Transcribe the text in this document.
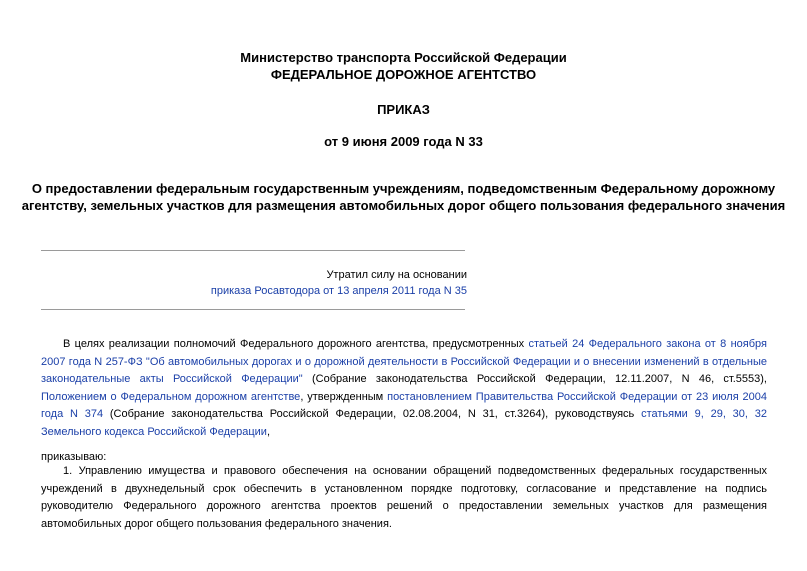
Министерство транспорта Российской Федерации
ФЕДЕРАЛЬНОЕ ДОРОЖНОЕ АГЕНТСТВО
ПРИКАЗ
от 9 июня 2009 года N 33
О предоставлении федеральным государственным учреждениям, подведомственным Федеральному дорожному агентству, земельных участков для размещения автомобильных дорог общего пользования федерального значения
Утратил силу на основании
приказа Росавтодора от 13 апреля 2011 года N 35
В целях реализации полномочий Федерального дорожного агентства, предусмотренных статьей 24 Федерального закона от 8 ноября 2007 года N 257-ФЗ "Об автомобильных дорогах и о дорожной деятельности в Российской Федерации и о внесении изменений в отдельные законодательные акты Российской Федерации" (Собрание законодательства Российской Федерации, 12.11.2007, N 46, ст.5553), Положением о Федеральном дорожном агентстве, утвержденным постановлением Правительства Российской Федерации от 23 июля 2004 года N 374 (Собрание законодательства Российской Федерации, 02.08.2004, N 31, ст.3264), руководствуясь статьями 9, 29, 30, 32 Земельного кодекса Российской Федерации,
приказываю:
1. Управлению имущества и правового обеспечения на основании обращений подведомственных федеральных государственных учреждений в двухнедельный срок обеспечить в установленном порядке подготовку, согласование и представление на подпись руководителю Федерального дорожного агентства проектов решений о предоставлении земельных участков для размещения автомобильных дорог общего пользования федерального значения.
